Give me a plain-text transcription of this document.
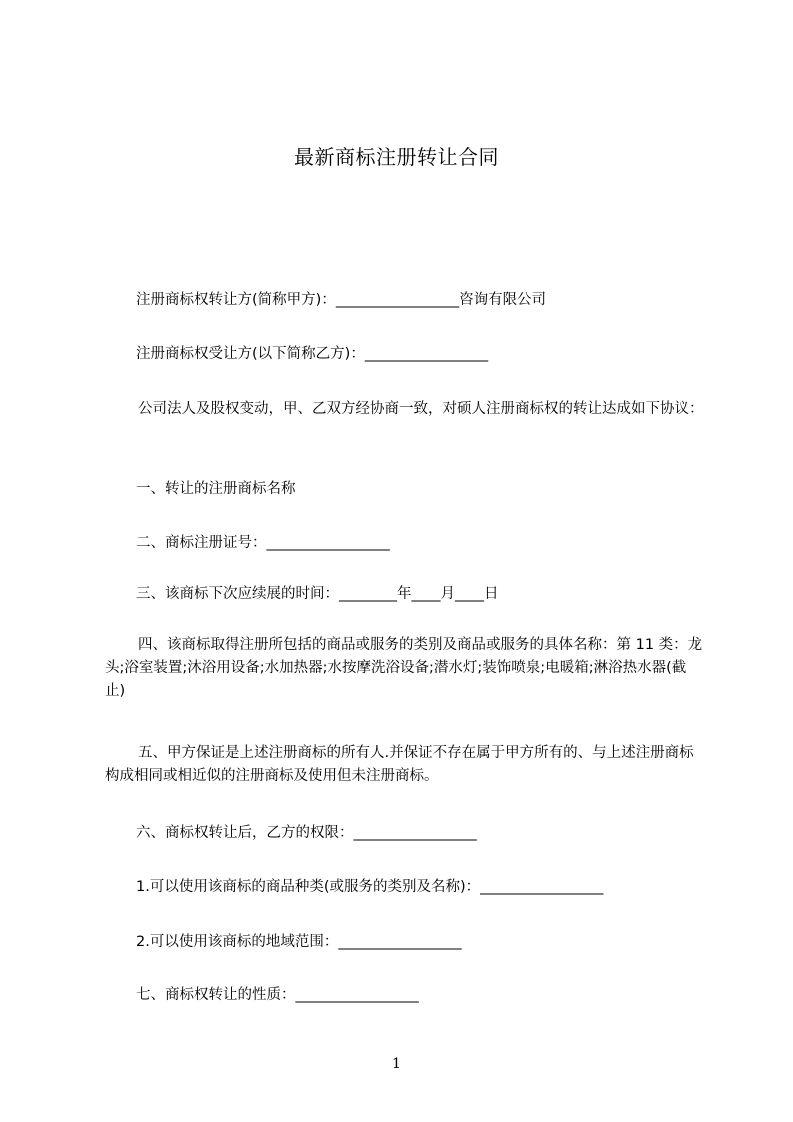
最新商标注册转让合同
注册商标权转让方(简称甲方)：_________________咨询有限公司
注册商标权受让方(以下简称乙方)：_________________
公司法人及股权变动，甲、乙双方经协商一致，对硕人注册商标权的转让达成如下协议：
一、转让的注册商标名称
二、商标注册证号：_________________
三、该商标下次应续展的时间：________年____月____日
四、该商标取得注册所包括的商品或服务的类别及商品或服务的具体名称：第 11 类：龙头;浴室装置;沐浴用设备;水加热器;水按摩洗浴设备;潜水灯;装饰喷泉;电暖箱;淋浴热水器(截止)
五、甲方保证是上述注册商标的所有人.并保证不存在属于甲方所有的、与上述注册商标构成相同或相近似的注册商标及使用但未注册商标。
六、商标权转让后，乙方的权限：_________________
1.可以使用该商标的商品种类(或服务的类别及名称)：_________________
2.可以使用该商标的地域范围：_________________
七、商标权转让的性质：_________________
1
